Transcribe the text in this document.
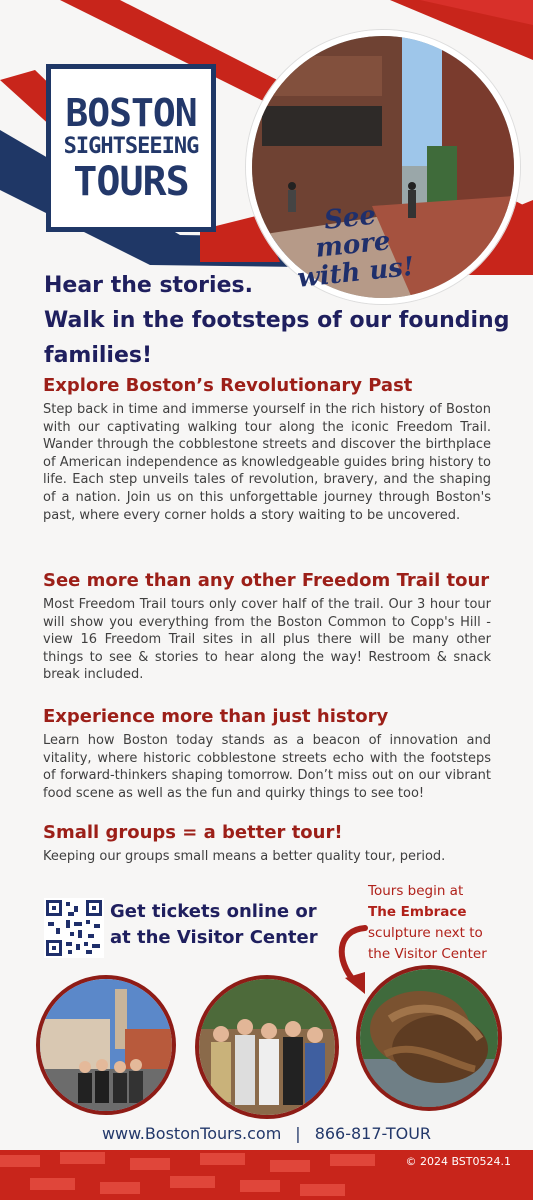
BOSTON
SIGHTSEEING
TOURS
See more with us!
Hear the stories.
Walk in the footsteps of our founding families!
Explore Boston’s Revolutionary Past

Step back in time and immerse yourself in the rich history of Boston with our captivating walking tour along the iconic Freedom Trail. Wander through the cobblestone streets and discover the birthplace of American independence as knowledgeable guides bring history to life. Each step unveils tales of revolution, bravery, and the shaping of a nation. Join us on this unforgettable journey through Boston's past, where every corner holds a story waiting to be uncovered.

See more than any other Freedom Trail tour

Most Freedom Trail tours only cover half of the trail. Our 3 hour tour will show you everything from the Boston Common to Copp's Hill - view 16 Freedom Trail sites in all plus there will be many other things to see & stories to hear along the way! Restroom & snack break included.

Experience more than just history

Learn how Boston today stands as a beacon of innovation and vitality, where historic cobblestone streets echo with the footsteps of forward-thinkers shaping tomorrow. Don’t miss out on our vibrant food scene as well as the fun and quirky things to see too!

Small groups = a better tour!

Keeping our groups small means a better quality tour, period.

Get tickets online or
at the Visitor Center
Tours begin at
The Embrace
sculpture next to
the Visitor Center
www.BostonTours.com | 866-817-TOUR
© 2024 BST0524.1
